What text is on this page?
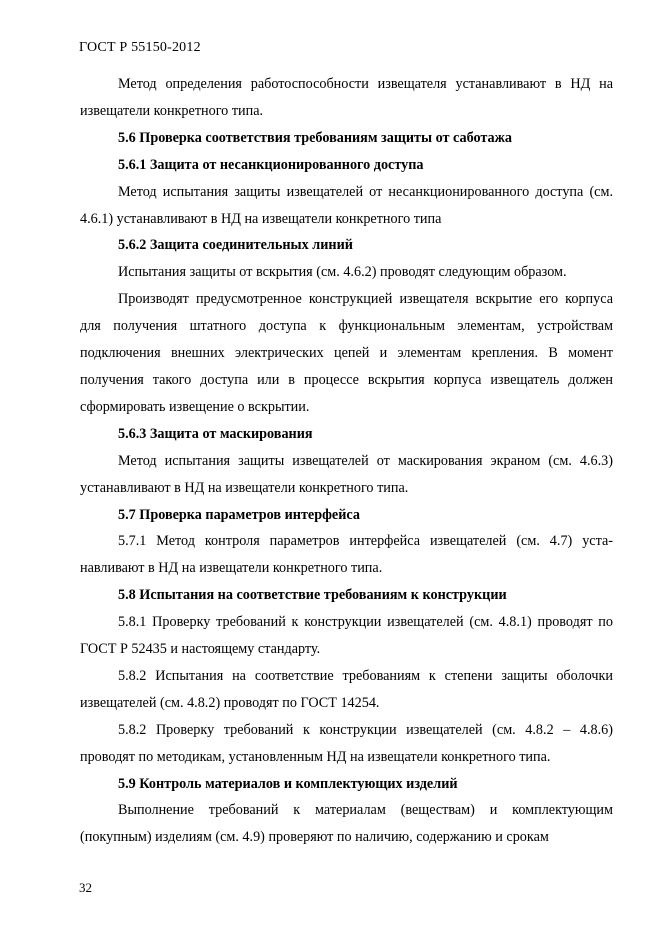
ГОСТ Р 55150-2012

Метод определения работоспособности извещателя устанавливают в НД на извещатели конкретного типа.

5.6 Проверка соответствия требованиям защиты от саботажа

5.6.1 Защита от несанкционированного доступа

Метод испытания защиты извещателей от несанкционированного доступа (см. 4.6.1) устанавливают в НД на извещатели конкретного типа

5.6.2 Защита соединительных линий

Испытания защиты от вскрытия (см. 4.6.2) проводят следующим образом.

Производят предусмотренное конструкцией извещателя вскрытие его корпуса для получения штатного доступа к функциональным элементам, устройствам подключения внешних электрических цепей и элементам крепления. В момент получения такого доступа или в процессе вскрытия корпуса извещатель должен сформировать извещение о вскрытии.

5.6.3 Защита от маскирования

Метод испытания защиты извещателей от маскирования экраном (см. 4.6.3) устанавливают в НД на извещатели конкретного типа.

5.7 Проверка параметров интерфейса

5.7.1 Метод контроля параметров интерфейса извещателей (см. 4.7) устанавливают в НД на извещатели конкретного типа.

5.8 Испытания на соответствие требованиям к конструкции

5.8.1 Проверку требований к конструкции извещателей (см. 4.8.1) проводят по ГОСТ Р 52435 и настоящему стандарту.

5.8.2 Испытания на соответствие требованиям к степени защиты оболочки извещателей (см. 4.8.2) проводят по ГОСТ 14254.

5.8.2 Проверку требований к конструкции извещателей (см. 4.8.2 – 4.8.6) проводят по методикам, установленным НД на извещатели конкретного типа.

5.9 Контроль материалов и комплектующих изделий

Выполнение требований к материалам (веществам) и комплектующим (покупным) изделиям (см. 4.9) проверяют по наличию, содержанию и срокам

32
